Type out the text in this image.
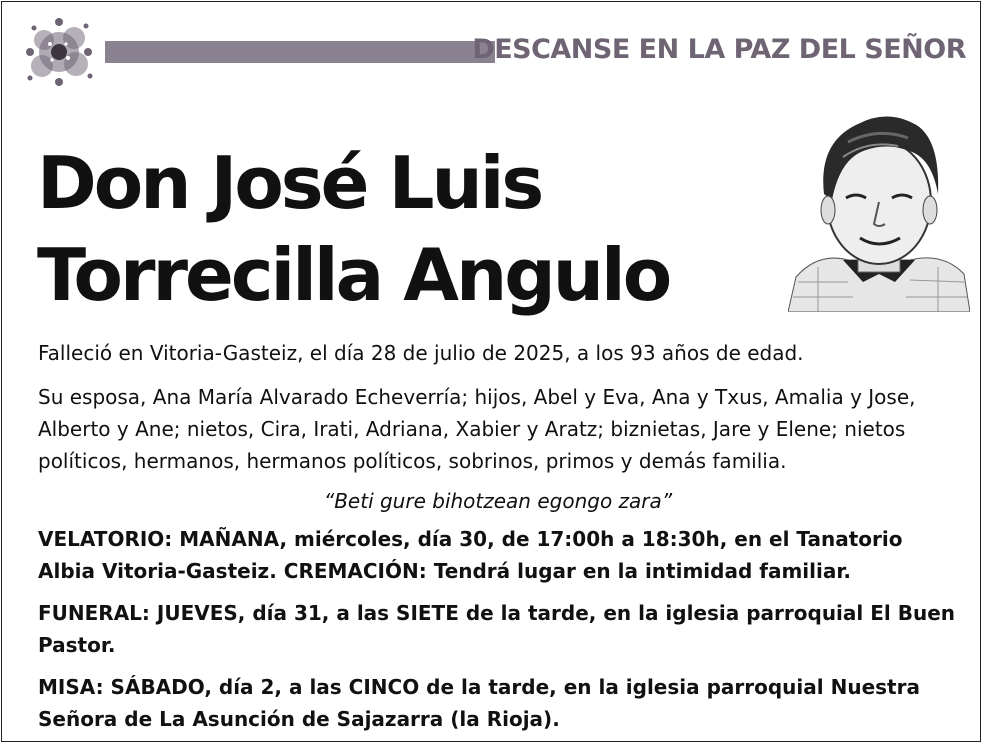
DESCANSE EN LA PAZ DEL SEÑOR
Don José Luis
Torrecilla Angulo
Falleció en Vitoria-Gasteiz, el día 28 de julio de 2025, a los 93 años de edad.
Su esposa, Ana María Alvarado Echeverría; hijos, Abel y Eva, Ana y Txus, Amalia y Jose, Alberto y Ane; nietos, Cira, Irati, Adriana, Xabier y Aratz; biznietas, Jare y Elene; nietos políticos, hermanos, hermanos políticos, sobrinos, primos y demás familia.
“Beti gure bihotzean egongo zara”
VELATORIO: MAÑANA, miércoles, día 30, de 17:00h a 18:30h, en el Tanatorio Albia Vitoria-Gasteiz. CREMACIÓN: Tendrá lugar en la intimidad familiar.
FUNERAL: JUEVES, día 31, a las SIETE de la tarde, en la iglesia parroquial El Buen Pastor.
MISA: SÁBADO, día 2, a las CINCO de la tarde, en la iglesia parroquial Nuestra Señora de La Asunción de Sajazarra (la Rioja).
